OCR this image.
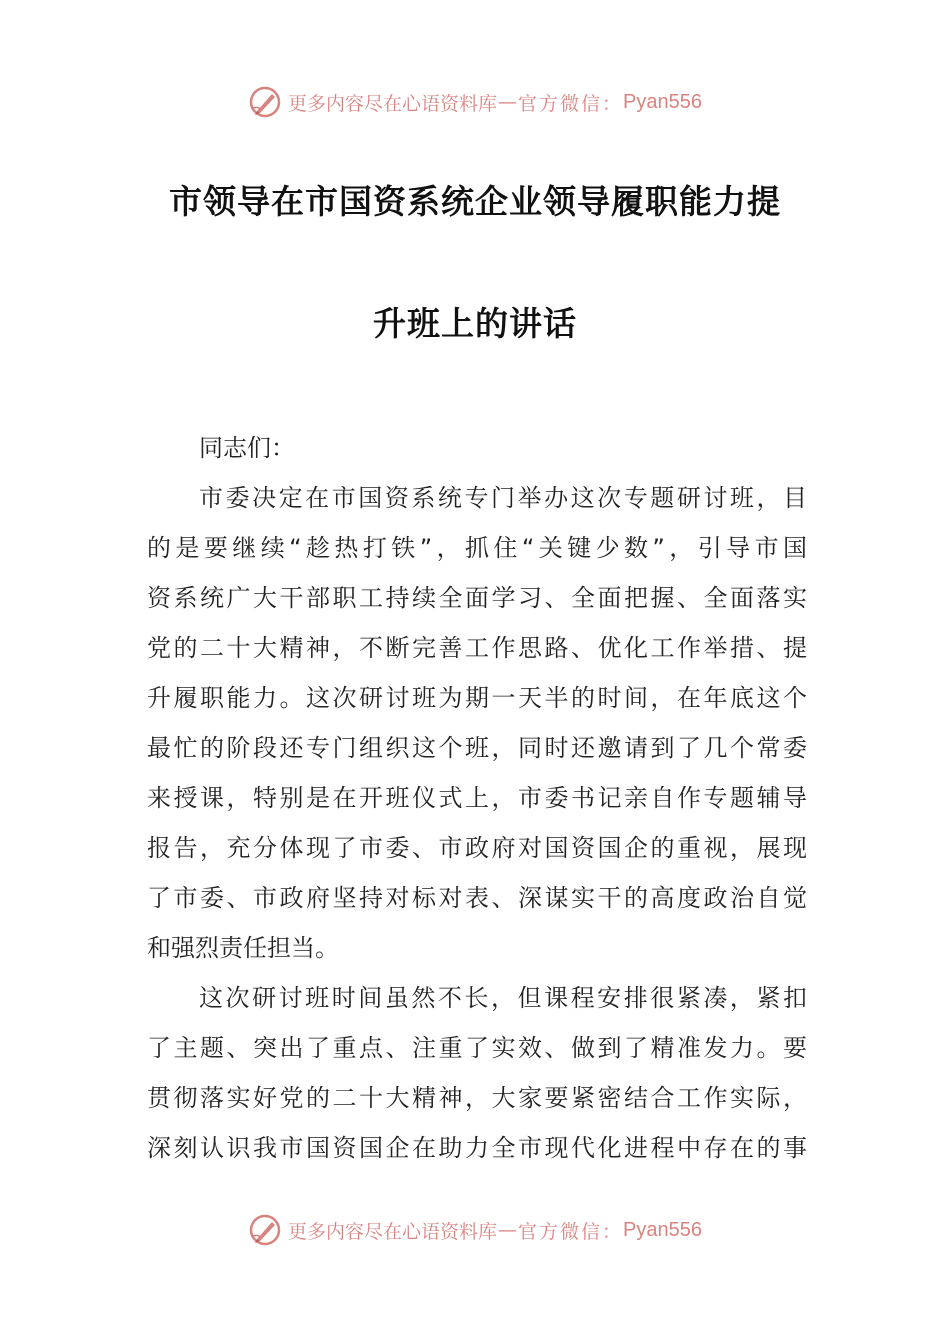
更多内容尽在心语资料库 — 官方微信： Pyan556
市领导在市国资系统企业领导履职能力提
升班上的讲话
同志们：
市委决定在市国资系统专门举办这次专题研讨班，目
的是要继续“趁热打铁”，抓住“关键少数”，引导市国
资系统广大干部职工持续全面学习、全面把握、全面落实
党的二十大精神，不断完善工作思路、优化工作举措、提
升履职能力。这次研讨班为期一天半的时间，在年底这个
最忙的阶段还专门组织这个班，同时还邀请到了几个常委
来授课，特别是在开班仪式上，市委书记亲自作专题辅导
报告，充分体现了市委、市政府对国资国企的重视，展现
了市委、市政府坚持对标对表、深谋实干的高度政治自觉
和强烈责任担当。
这次研讨班时间虽然不长，但课程安排很紧凑，紧扣
了主题、突出了重点、注重了实效、做到了精准发力。要
贯彻落实好党的二十大精神，大家要紧密结合工作实际，
深刻认识我市国资国企在助力全市现代化进程中存在的事
更多内容尽在心语资料库 — 官方微信： Pyan556
